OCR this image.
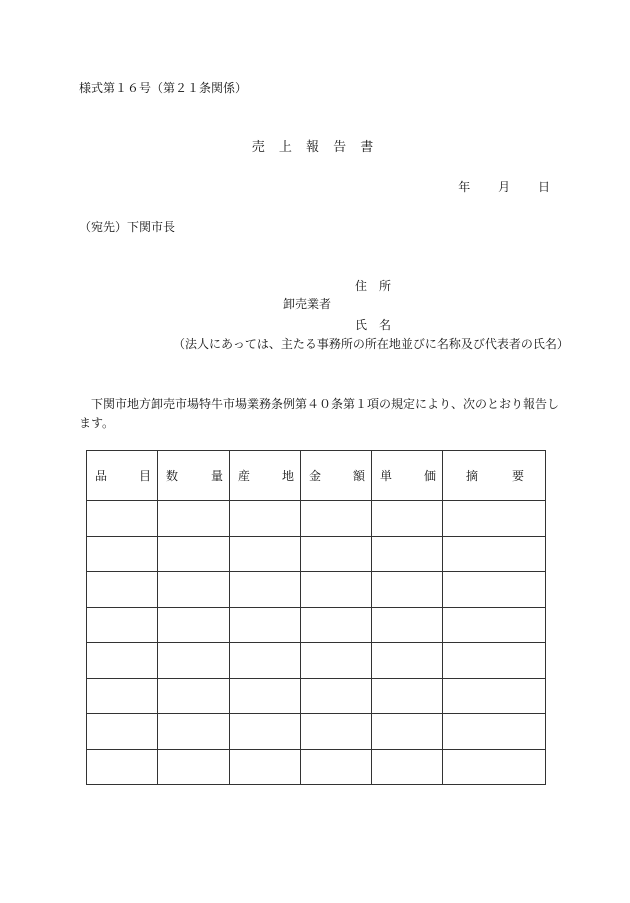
様式第１６号（第２１条関係）
売 上 報 告 書
年 月 日
（宛先）下関市長
住所
卸売業者
氏名
（法人にあっては、主たる事務所の所在地並びに名称及び代表者の氏名）
　下関市地方卸売市場特牛市場業務条例第４０条第１項の規定により、次のとおり報告し
ます。
品 目	数 量	産 地	金 額	単 価	摘 要
